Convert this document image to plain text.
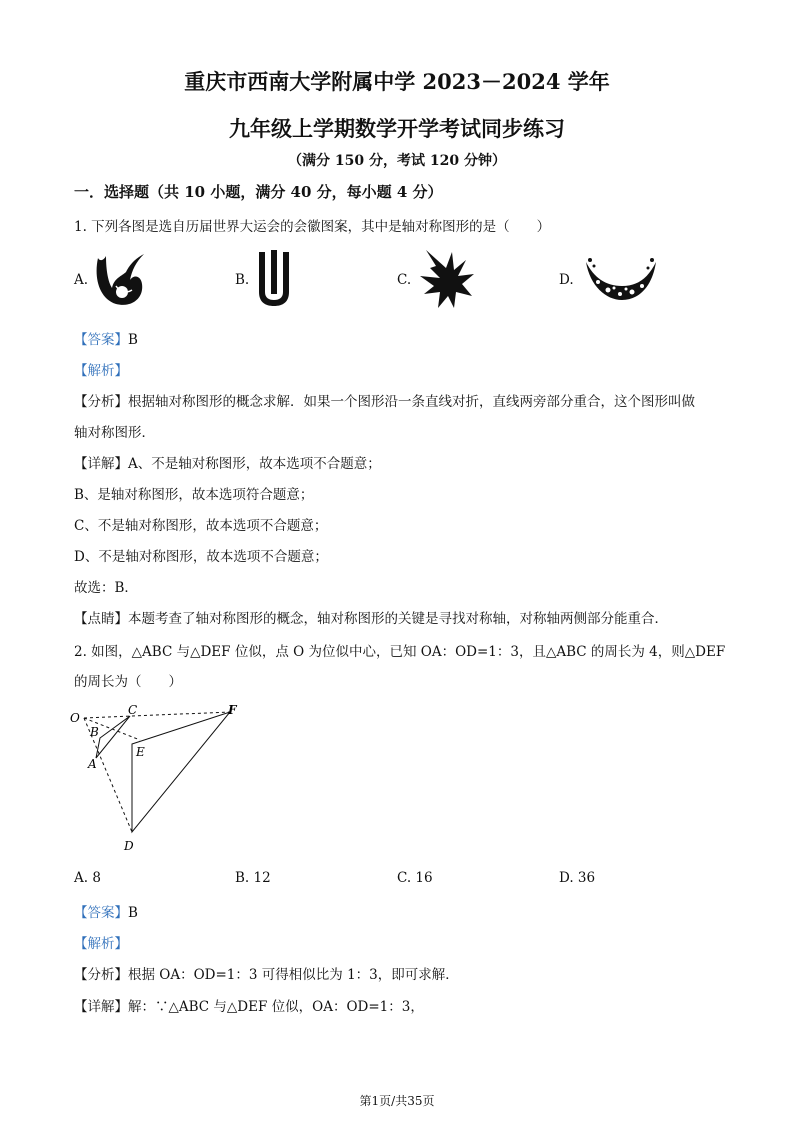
重庆市西南大学附属中学 2023－2024 学年
九年级上学期数学开学考试同步练习
（满分 150 分，考试 120 分钟）
一．选择题（共 10 小题，满分 40 分，每小题 4 分）
1. 下列各图是选自历届世界大运会的会徽图案，其中是轴对称图形的是（　　）
A.	B.	C.	D.
【答案】B
【解析】
【分析】根据轴对称图形的概念求解．如果一个图形沿一条直线对折，直线两旁部分重合，这个图形叫做
轴对称图形．
【详解】A、不是轴对称图形，故本选项不合题意；
B、是轴对称图形，故本选项符合题意；
C、不是轴对称图形，故本选项不合题意；
D、不是轴对称图形，故本选项不合题意；
故选：B．
【点睛】本题考查了轴对称图形的概念，轴对称图形的关键是寻找对称轴，对称轴两侧部分能重合．
2. 如图，△ABC 与△DEF 位似，点 O 为位似中心，已知 OA：OD=1：3，且△ABC 的周长为 4，则△DEF
的周长为（　　）
O
B
C
A
E
F
D
A. 8	B. 12	C. 16	D. 36
【答案】B
【解析】
【分析】根据 OA：OD=1：3 可得相似比为 1：3，即可求解．
【详解】解：∵△ABC 与△DEF 位似，OA：OD=1：3，
第1页/共35页
